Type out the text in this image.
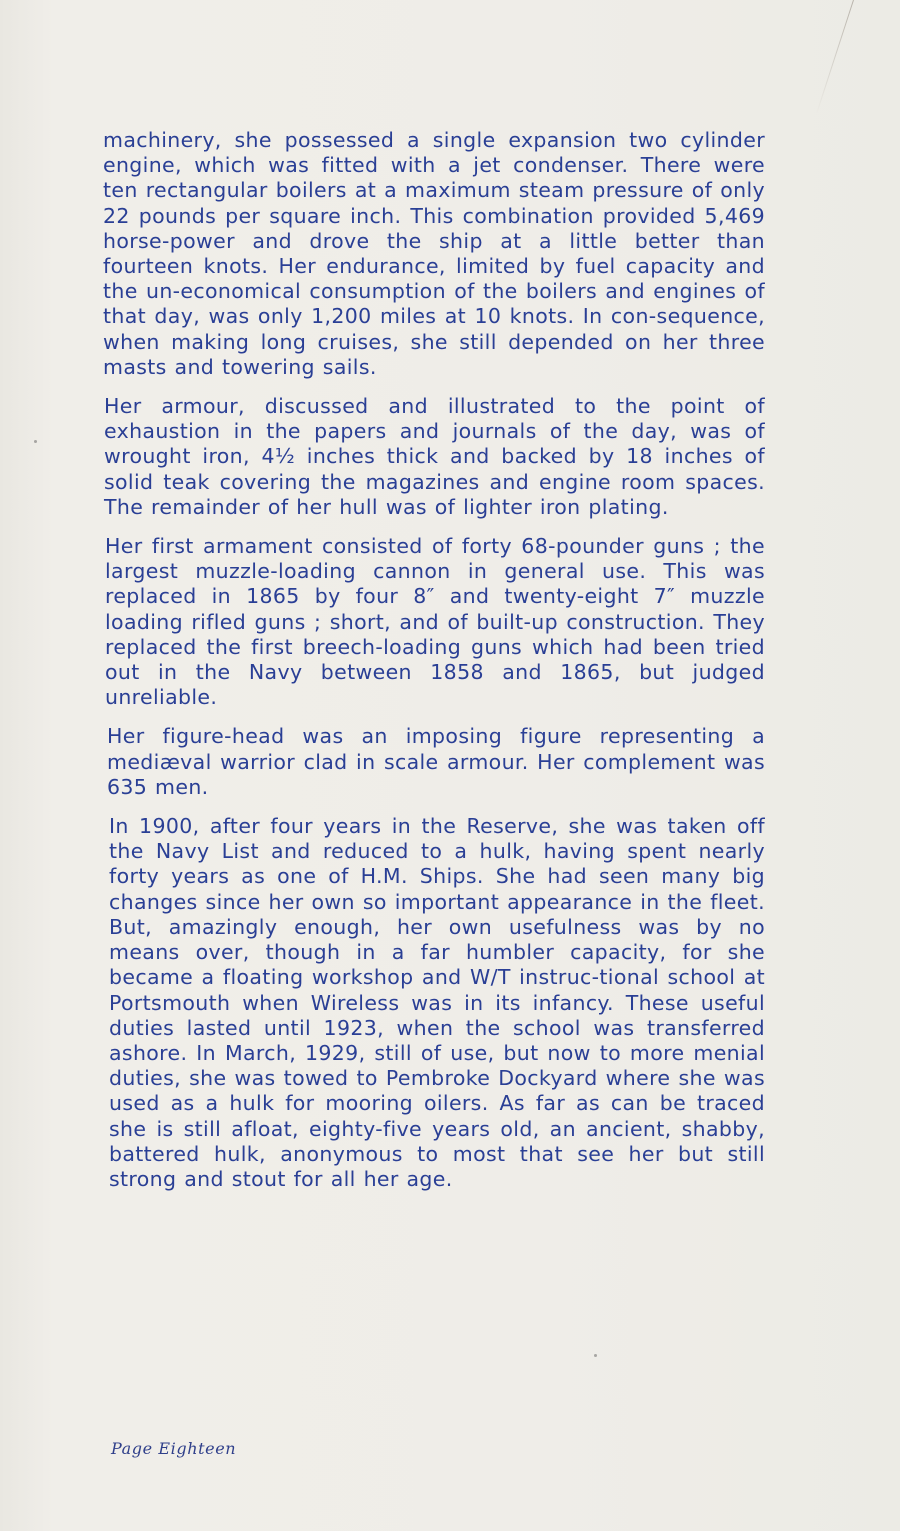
machinery, she possessed a single expansion two cylinder engine, which was fitted with a jet condenser. There were ten rectangular boilers at a maximum steam pressure of only 22 pounds per square inch. This combination provided 5,469 horse-power and drove the ship at a little better than fourteen knots. Her endurance, limited by fuel capacity and the un-economical consumption of the boilers and engines of that day, was only 1,200 miles at 10 knots. In con-sequence, when making long cruises, she still depended on her three masts and towering sails.

Her armour, discussed and illustrated to the point of exhaustion in the papers and journals of the day, was of wrought iron, 4½ inches thick and backed by 18 inches of solid teak covering the magazines and engine room spaces. The remainder of her hull was of lighter iron plating.

Her first armament consisted of forty 68-pounder guns ; the largest muzzle-loading cannon in general use. This was replaced in 1865 by four 8″ and twenty-eight 7″ muzzle loading rifled guns ; short, and of built-up construction. They replaced the first breech-loading guns which had been tried out in the Navy between 1858 and 1865, but judged unreliable.

Her figure-head was an imposing figure representing a mediæval warrior clad in scale armour. Her complement was 635 men.

In 1900, after four years in the Reserve, she was taken off the Navy List and reduced to a hulk, having spent nearly forty years as one of H.M. Ships. She had seen many big changes since her own so important appearance in the fleet. But, amazingly enough, her own usefulness was by no means over, though in a far humbler capacity, for she became a floating workshop and W/T instruc-tional school at Portsmouth when Wireless was in its infancy. These useful duties lasted until 1923, when the school was transferred ashore. In March, 1929, still of use, but now to more menial duties, she was towed to Pembroke Dockyard where she was used as a hulk for mooring oilers. As far as can be traced she is still afloat, eighty-five years old, an ancient, shabby, battered hulk, anonymous to most that see her but still strong and stout for all her age.

Page Eighteen
